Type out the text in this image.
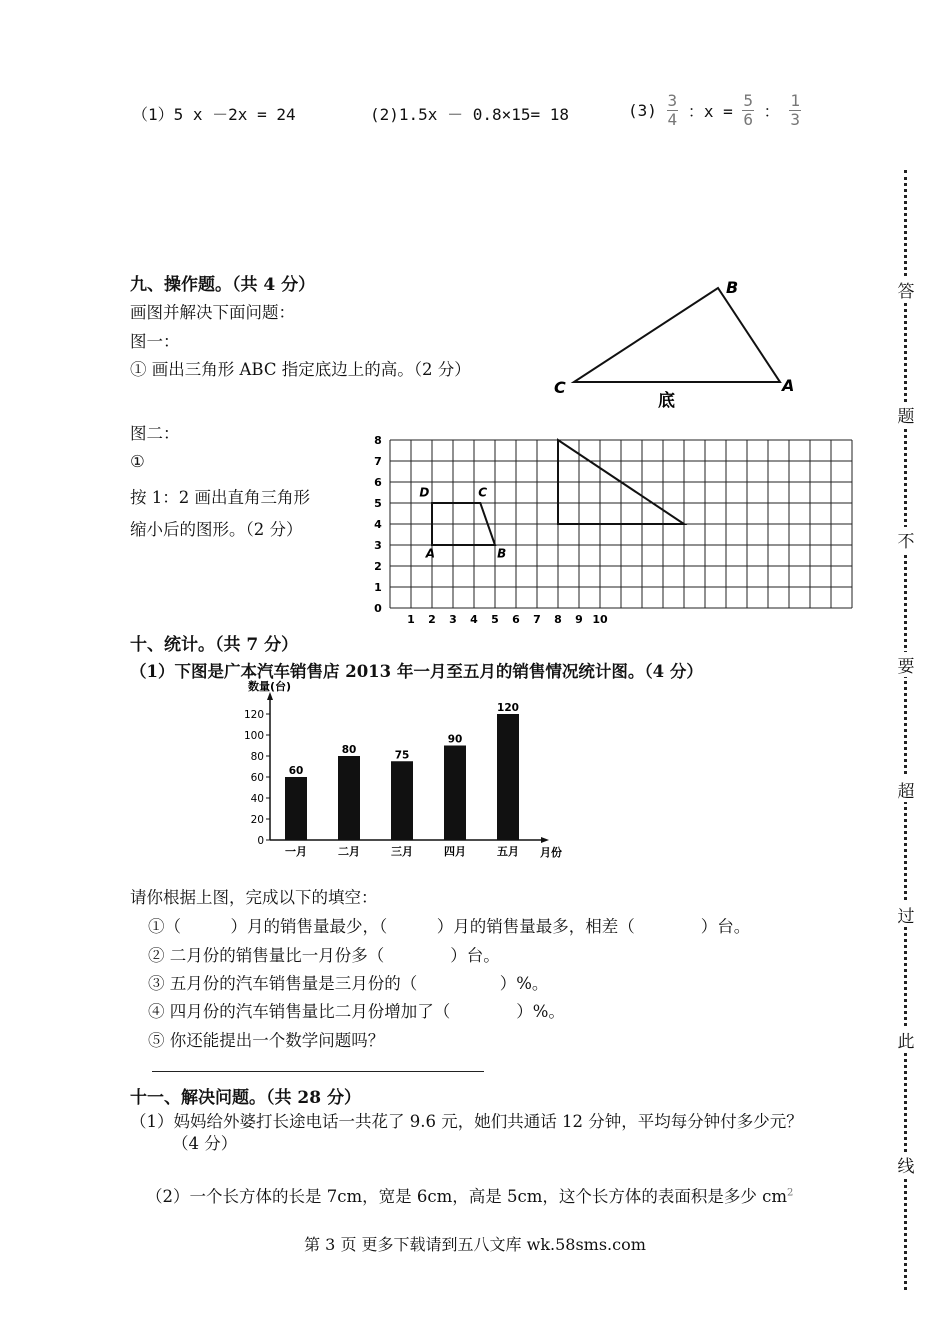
（1）5 x －2x = 24	(2)1.5x － 0.8×15= 18	$(3) \frac{3}{4}$ ：$x = \frac{5}{6}$ ： $\frac{1}{3}$
九、操作题。（共 4 分）
画图并解决下面问题：
图一：
① 画出三角形 ABC 指定底边上的高。（2 分）
C
B
A
底
图二：
①
按 1：2 画出直角三角形
缩小后的图形。（2 分）
0
1
2
3
4
5
6
7
8
1 2 3 4 5 6 7 8 9 10
A	B
C
D
十、统计。（共 7 分）
（1）下图是广本汽车销售店 2013 年一月至五月的销售情况统计图。（4 分）
数量(台)
0
20
40
60
80
100
120
60
一月
80
二月
75
三月
90
四月
120
五月 月份
请你根据上图，完成以下的填空：
①（　　　）月的销售量最少，（　　　）月的销售量最多，相差（　　　　）台。
② 二月份的销售量比一月份多（　　　　）台。
③ 五月份的汽车销售量是三月份的（　　　　　）%。
④ 四月份的汽车销售量比二月份增加了（　　　　）%。
⑤ 你还能提出一个数学问题吗？
十一、解决问题。（共 28 分）
（1）妈妈给外婆打长途电话一共花了 9.6 元，她们共通话 12 分钟，平均每分钟付多少元？
（4 分）
（2）一个长方体的长是 7cm，宽是 6cm，高是 5cm，这个长方体的表面积是多少 $cm^2$
答
题
不
要
超
过
此
线
第 3 页 更多下载请到五八文库 wk.58sms.com
